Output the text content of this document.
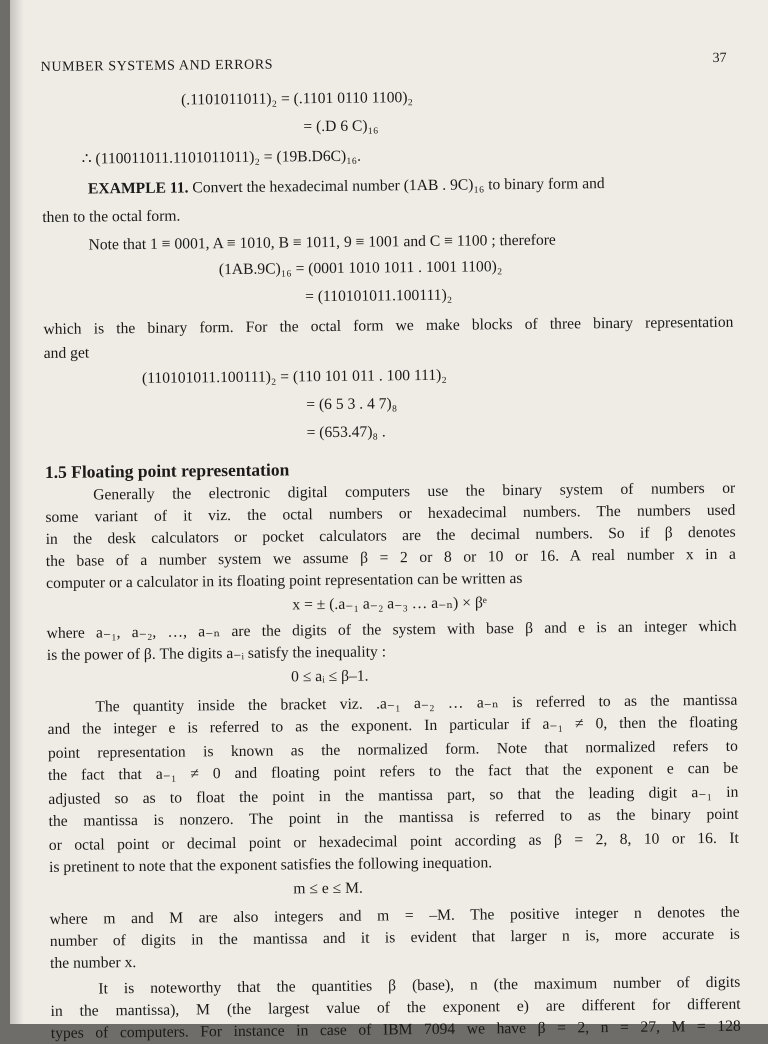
NUMBER SYSTEMS AND ERRORS	37
(.1101011011)₂ = (.1101 0110 1100)₂
= (.D 6 C)₁₆
∴ (110011011.1101011011)₂ = (19B.D6C)₁₆.
EXAMPLE 11. Convert the hexadecimal number (1AB . 9C)₁₆ to binary form and
then to the octal form.
Note that 1 ≡ 0001, A ≡ 1010, B ≡ 1011, 9 ≡ 1001 and C ≡ 1100 ; therefore
(1AB.9C)₁₆ = (0001 1010 1011 . 1001 1100)₂
= (110101011.100111)₂
which is the binary form. For the octal form we make blocks of three binary representation
and get
(110101011.100111)₂ = (110 101 011 . 100 111)₂
= (6 5 3 . 4 7)₈
= (653.47)₈ .
1.5 Floating point representation
Generally the electronic digital computers use the binary system of numbers or
some variant of it viz. the octal numbers or hexadecimal numbers. The numbers used
in the desk calculators or pocket calculators are the decimal numbers. So if β denotes
the base of a number system we assume β = 2 or 8 or 10 or 16. A real number x in a
computer or a calculator in its floating point representation can be written as
x = ± (.a₋₁ a₋₂ a₋₃ … a₋ₙ) × βᵉ
where a₋₁, a₋₂, …, a₋ₙ are the digits of the system with base β and e is an integer which
is the power of β. The digits a₋ᵢ satisfy the inequality :
0 ≤ aᵢ ≤ β–1.
The quantity inside the bracket viz. .a₋₁ a₋₂ … a₋ₙ is referred to as the mantissa
and the integer e is referred to as the exponent. In particular if a₋₁ ≠ 0, then the floating
point representation is known as the normalized form. Note that normalized refers to
the fact that a₋₁ ≠ 0 and floating point refers to the fact that the exponent e can be
adjusted so as to float the point in the mantissa part, so that the leading digit a₋₁ in
the mantissa is nonzero. The point in the mantissa is referred to as the binary point
or octal point or decimal point or hexadecimal point according as β = 2, 8, 10 or 16. It
is pretinent to note that the exponent satisfies the following inequation.
m ≤ e ≤ M.
where m and M are also integers and m = –M. The positive integer n denotes the
number of digits in the mantissa and it is evident that larger n is, more accurate is
the number x.
It is noteworthy that the quantities β (base), n (the maximum number of digits
in the mantissa), M (the largest value of the exponent e) are different for different
types of computers. For instance in case of IBM 7094 we have β = 2, n = 27, M = 128
